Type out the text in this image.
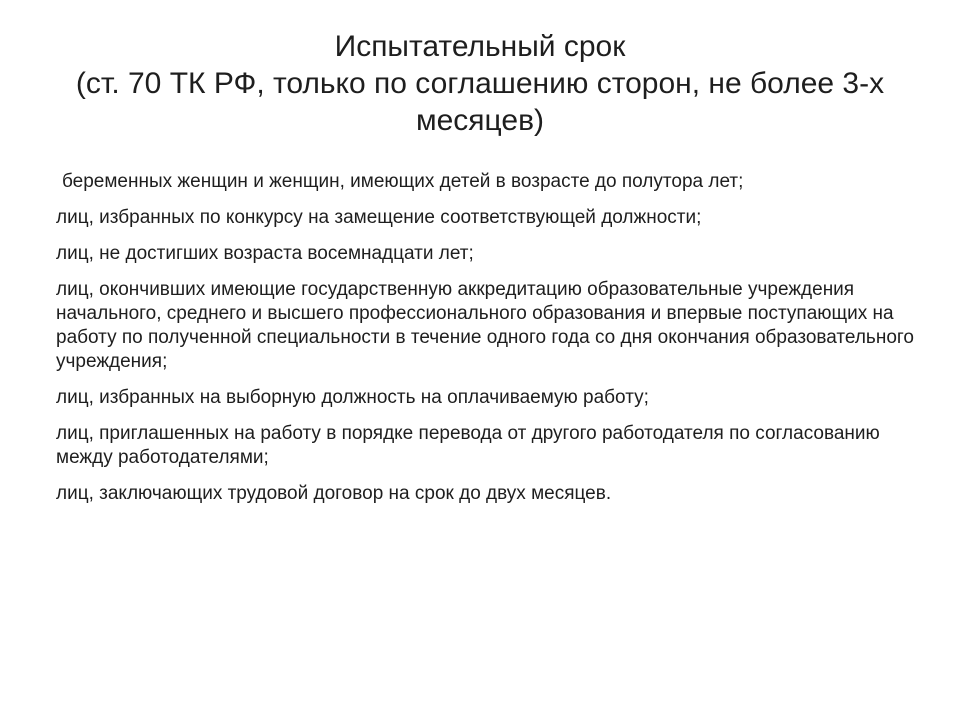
Испытательный срок
(ст. 70 ТК РФ, только по соглашению сторон, не более 3-х
месяцев)
беременных женщин и женщин, имеющих детей в возрасте до полутора лет;
лиц, избранных по конкурсу на замещение соответствующей должности;
лиц, не достигших возраста восемнадцати лет;
лиц, окончивших имеющие государственную аккредитацию образовательные учреждения начального, среднего и высшего профессионального образования и впервые поступающих на работу по полученной специальности в течение одного года со дня окончания образовательного учреждения;
лиц, избранных на выборную должность на оплачиваемую работу;
лиц, приглашенных на работу в порядке перевода от другого работодателя по согласованию между работодателями;
лиц, заключающих трудовой договор на срок до двух месяцев.
